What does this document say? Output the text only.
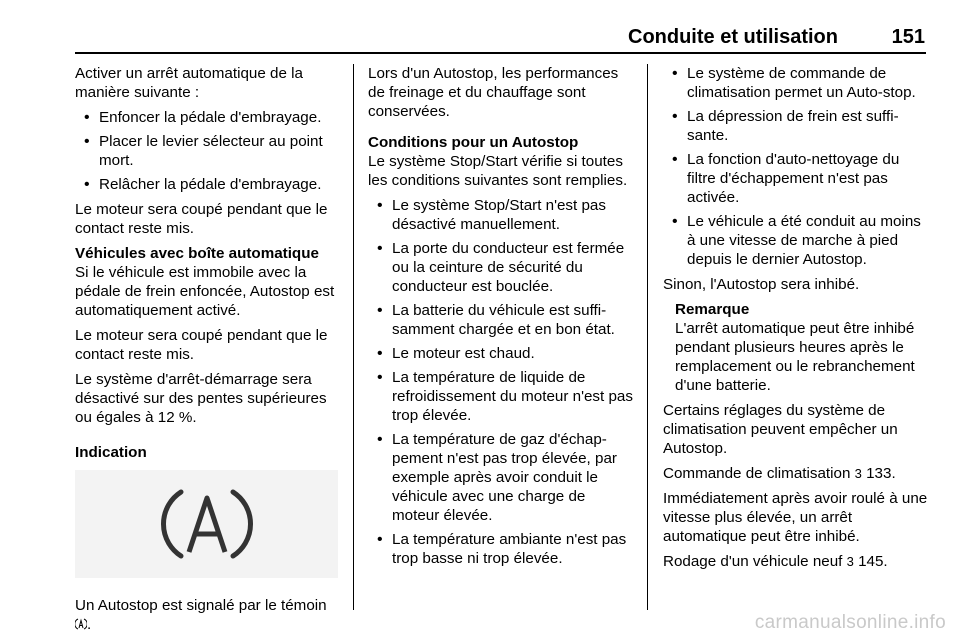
Conduite et utilisation	151

Activer un arrêt automatique de la manière suivante :

• Enfoncer la pédale d'embrayage.
• Placer le levier sélecteur au point mort.
• Relâcher la pédale d'embrayage.

Le moteur sera coupé pendant que le contact reste mis.

Véhicules avec boîte automatique

Si le véhicule est immobile avec la pédale de frein enfoncée, Autostop est automatiquement activé.

Le moteur sera coupé pendant que le contact reste mis.

Le système d'arrêt-démarrage sera désactivé sur des pentes supérieures ou égales à 12 %.

Indication

Un Autostop est signalé par le témoin .

Lors d'un Autostop, les performances de freinage et du chauffage sont conservées.

Conditions pour un Autostop

Le système Stop/Start vérifie si toutes les conditions suivantes sont remplies.

• Le système Stop/Start n'est pas désactivé manuellement.
• La porte du conducteur est fermée ou la ceinture de sécurité du conducteur est bouclée.
• La batterie du véhicule est suffi-samment chargée et en bon état.
• Le moteur est chaud.
• La température de liquide de refroidissement du moteur n'est pas trop élevée.
• La température de gaz d'échap-pement n'est pas trop élevée, par exemple après avoir conduit le véhicule avec une charge de moteur élevée.
• La température ambiante n'est pas trop basse ni trop élevée.
• Le système de commande de climatisation permet un Auto-stop.
• La dépression de frein est suffi-sante.
• La fonction d'auto-nettoyage du filtre d'échappement n'est pas activée.
• Le véhicule a été conduit au moins à une vitesse de marche à pied depuis le dernier Autostop.

Sinon, l'Autostop sera inhibé.

Remarque
L'arrêt automatique peut être inhibé pendant plusieurs heures après le remplacement ou le rebranchement d'une batterie.

Certains réglages du système de climatisation peuvent empêcher un Autostop.

Commande de climatisation 3 133.

Immédiatement après avoir roulé à une vitesse plus élevée, un arrêt automatique peut être inhibé.

Rodage d'un véhicule neuf 3 145.

carmanualsonline.info
